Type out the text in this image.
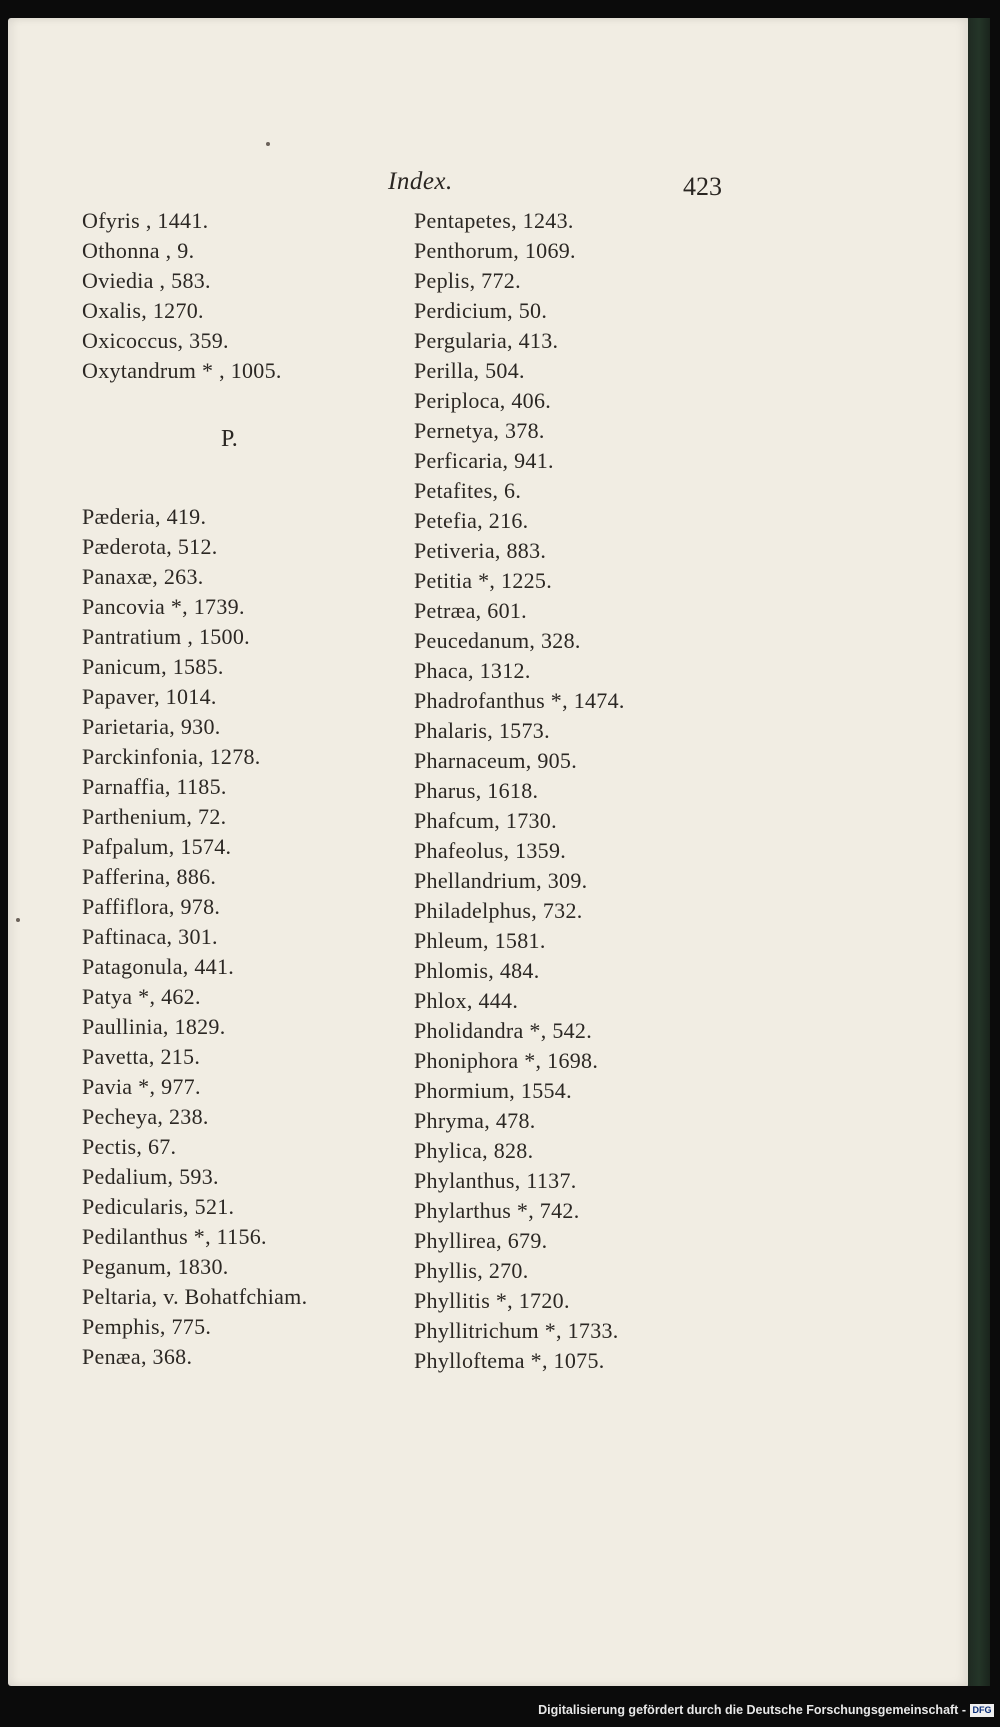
Index.	423
Ofyris , 1441.
Othonna , 9.
Oviedia , 583.
Oxalis, 1270.
Oxicoccus, 359.
Oxytandrum * , 1005.
P.
Pæderia, 419.
Pæderota, 512.
Panaxæ, 263.
Pancovia *, 1739.
Pantratium , 1500.
Panicum, 1585.
Papaver, 1014.
Parietaria, 930.
Parckinfonia, 1278.
Parnaffia, 1185.
Parthenium, 72.
Pafpalum, 1574.
Pafferina, 886.
Paffiflora, 978.
Paftinaca, 301.
Patagonula, 441.
Patya *, 462.
Paullinia, 1829.
Pavetta, 215.
Pavia *, 977.
Pecheya, 238.
Pectis, 67.
Pedalium, 593.
Pedicularis, 521.
Pedilanthus *, 1156.
Peganum, 1830.
Peltaria, v. Bohatfchiam.
Pemphis, 775.
Penæa, 368.
Pentapetes, 1243.
Penthorum, 1069.
Peplis, 772.
Perdicium, 50.
Pergularia, 413.
Perilla, 504.
Periploca, 406.
Pernetya, 378.
Perficaria, 941.
Petafites, 6.
Petefia, 216.
Petiveria, 883.
Petitia *, 1225.
Petræa, 601.
Peucedanum, 328.
Phaca, 1312.
Phadrofanthus *, 1474.
Phalaris, 1573.
Pharnaceum, 905.
Pharus, 1618.
Phafcum, 1730.
Phafeolus, 1359.
Phellandrium, 309.
Philadelphus, 732.
Phleum, 1581.
Phlomis, 484.
Phlox, 444.
Pholidandra *, 542.
Phoniphora *, 1698.
Phormium, 1554.
Phryma, 478.
Phylica, 828.
Phylanthus, 1137.
Phylarthus *, 742.
Phyllirea, 679.
Phyllis, 270.
Phyllitis *, 1720.
Phyllitrichum *, 1733.
Phylloftema *, 1075.
Digitalisierung gefördert durch die Deutsche Forschungsgemeinschaft - DFG
